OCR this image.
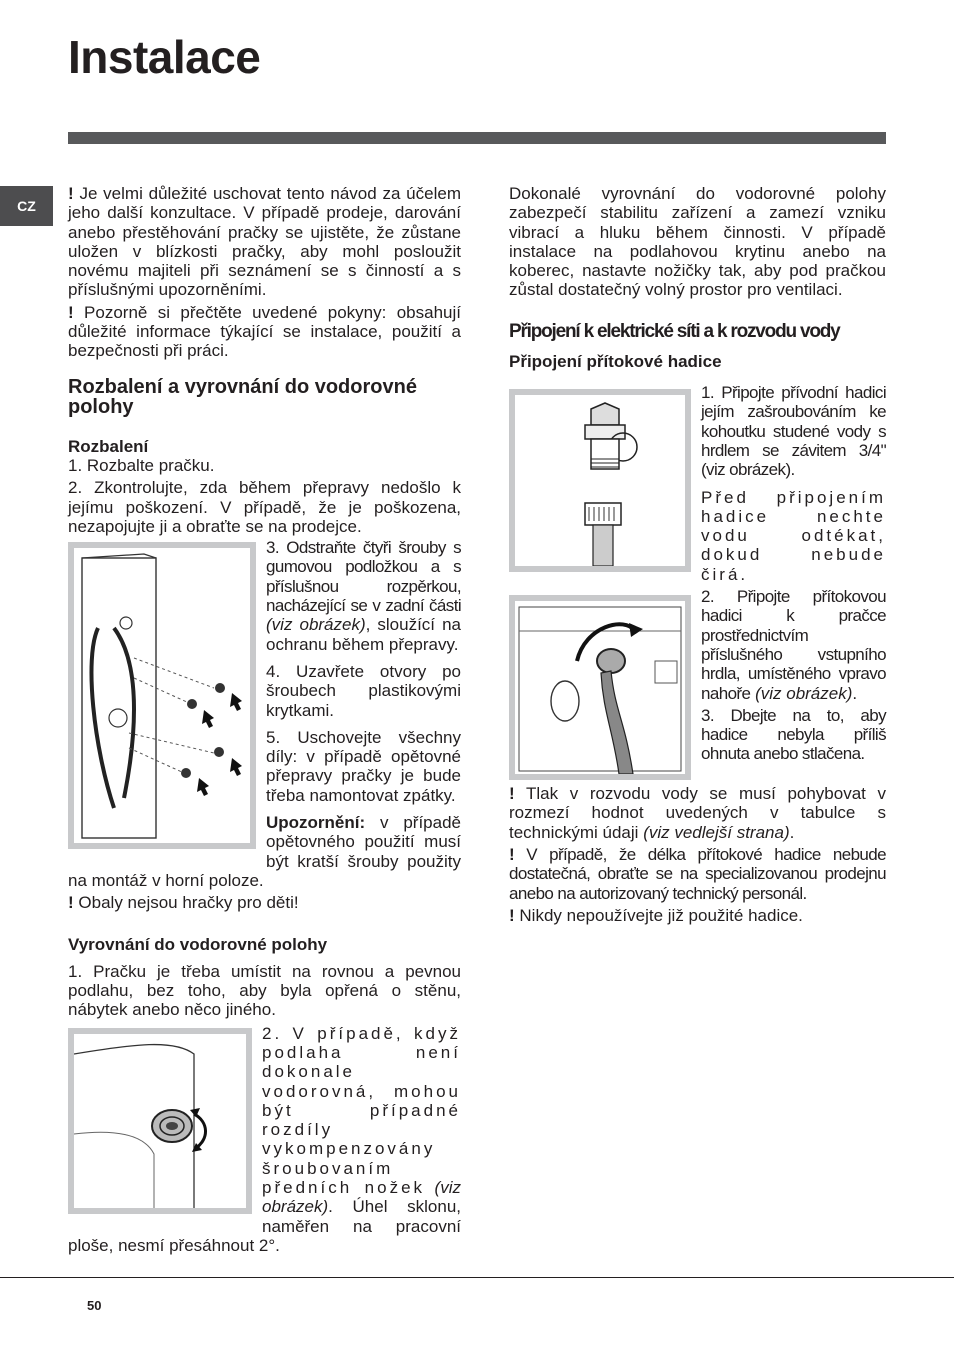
Instalace
CZ

! Je velmi důležité uschovat tento návod za účelem jeho další konzultace. V případě prodeje, darování anebo přestěhování pračky se ujistěte, že zůstane uložen v blízkosti pračky, aby mohl posloužit novému majiteli při seznámení se s činností a s příslušnými upozorněními.

! Pozorně si přečtěte uvedené pokyny: obsahují důležité informace týkající se instalace, použití a bezpečnosti při práci.

Rozbalení a vyrovnání do vodorovné polohy
Rozbalení

1. Rozbalte pračku.

2. Zkontrolujte, zda během přepravy nedošlo k jejímu poškození. V případě, že je poškozena, nezapojujte ji a obraťte se na prodejce.

3. Odstraňte čtyři šrouby s gumovou podložkou a s příslušnou rozpěrkou, nacházející se v zadní části (viz obrázek), sloužící na ochranu během přepravy.

4. Uzavřete otvory po šroubech plastikovými krytkami.

5. Uschovejte všechny díly: v případě opětovné přepravy pračky je bude třeba namontovat zpátky.

Upozornění: v případě opětovného použití musí být kratší šrouby použity na montáž v horní poloze.

! Obaly nejsou hračky pro děti!

Vyrovnání do vodorovné polohy

1. Pračku je třeba umístit na rovnou a pevnou podlahu, bez toho, aby byla opřená o stěnu, nábytek anebo něco jiného.

2. V případě, když podlaha není dokonale vodorovná, mohou být případné rozdíly vykompenzovány šroubovaním předních nožek (viz obrázek). Úhel sklonu, naměřen na pracovní ploše, nesmí přesáhnout 2°.

Dokonalé vyrovnání do vodorovné polohy zabezpečí stabilitu zařízení a zamezí vzniku vibrací a hluku během činnosti. V případě instalace na podlahovou krytinu anebo na koberec, nastavte nožičky tak, aby pod pračkou zůstal dostatečný volný prostor pro ventilaci.

Připojení k elektrické síti a k rozvodu vody
Připojení přítokové hadice

1. Připojte přívodní hadici jejím zašroubováním ke kohoutku studené vody s hrdlem se závitem 3/4" (viz obrázek).

Před připojením hadice nechte vodu odtékat, dokud nebude čirá.

2. Připojte přítokovou hadici k pračce prostřednictvím příslušného vstupního hrdla, umístěného vpravo nahoře (viz obrázek).

3. Dbejte na to, aby hadice nebyla příliš ohnuta anebo stlačena.

! Tlak v rozvodu vody se musí pohybovat v rozmezí hodnot uvedených v tabulce s technickými údaji (viz vedlejší strana).

! V případě, že délka přítokové hadice nebude dostatečná, obraťte se na specializovanou prodejnu anebo na autorizovaný technický personál.

! Nikdy nepoužívejte již použité hadice.

50
